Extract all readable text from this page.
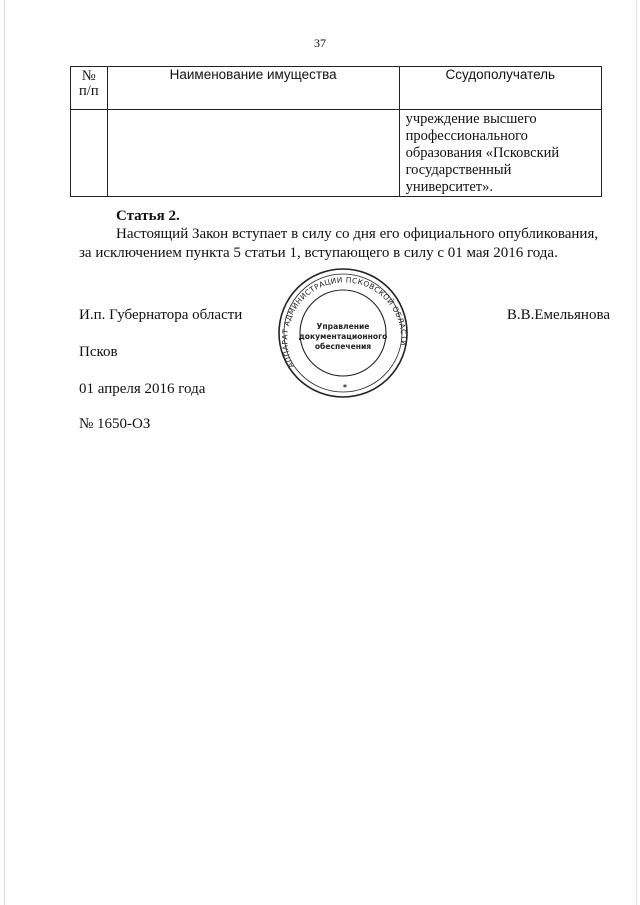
37
№
п/п	Наименование имущества	Ссудополучатель

		учреждение высшего
профессионального
образования «Псковский
государственный
университет».
Статья 2.
Настоящий Закон вступает в силу со дня его официального опубликования, за исключением пункта 5 статьи 1, вступающего в силу с 01 мая 2016 года.
И.п. Губернатора области	В.В.Емельянова
Псков
01 апреля 2016 года
№ 1650-ОЗ
АППАРАТ АДМИНИСТРАЦИИ ПСКОВСКОЙ ОБЛАСТИ
Управление
документационного
обеспечения
*
